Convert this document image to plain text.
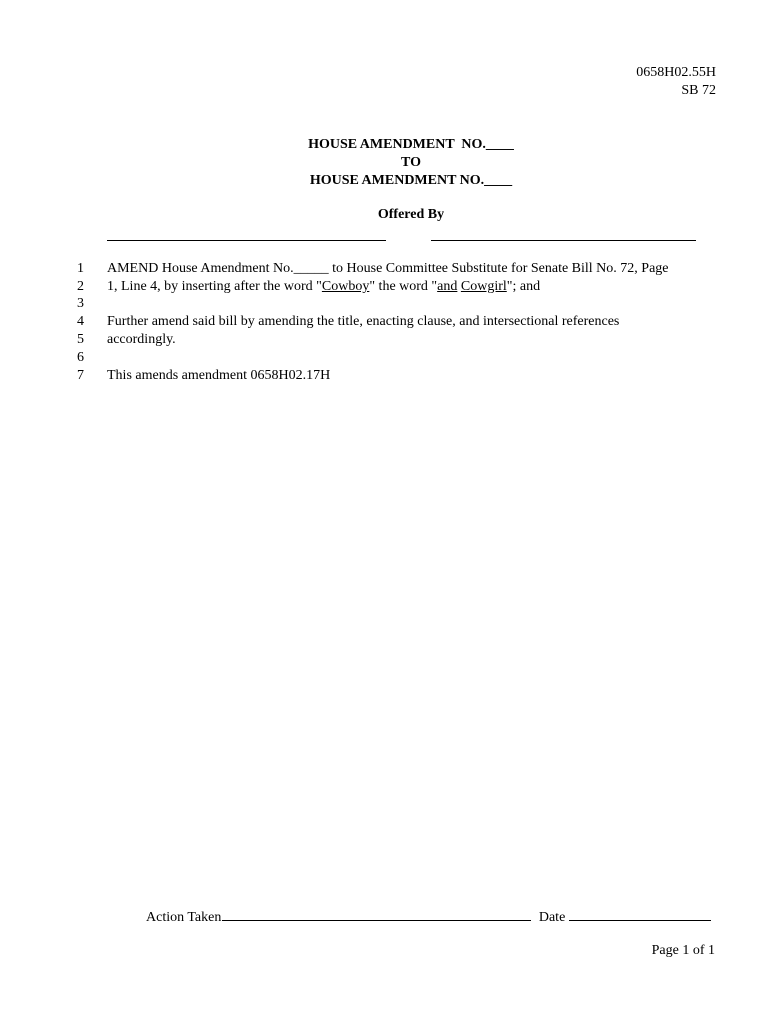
0658H02.55H
SB 72
HOUSE AMENDMENT  NO.____
TO
HOUSE AMENDMENT NO.____
Offered By
1 AMEND House Amendment No._____ to House Committee Substitute for Senate Bill No. 72, Page
2 1, Line 4, by inserting after the word "Cowboy" the word "and Cowgirl"; and
3
4 Further amend said bill by amending the title, enacting clause, and intersectional references
5 accordingly.
6
7 This amends amendment 0658H02.17H
Action Taken	Date
Page 1 of 1
